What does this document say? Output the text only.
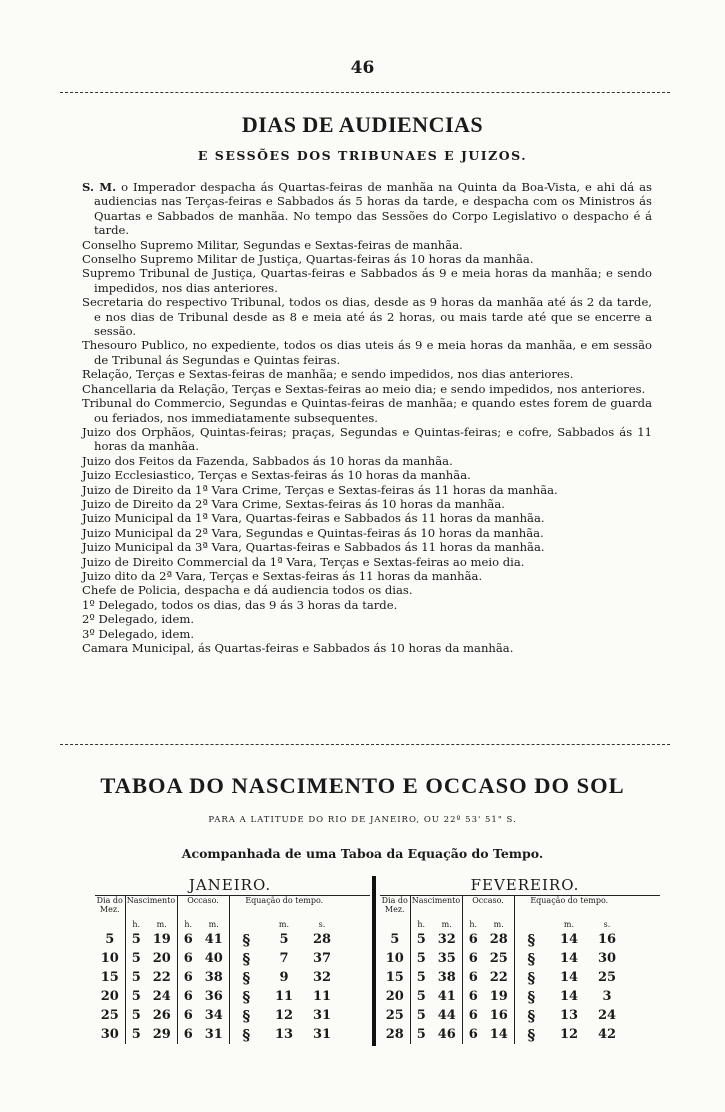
46
DIAS DE AUDIENCIAS
E SESSÕES DOS TRIBUNAES E JUIZOS.
S. M. o Imperador despacha ás Quartas-feiras de manhãa na Quinta da Boa-Vista, e ahi dá as audiencias nas Terças-feiras e Sabbados ás 5 horas da tarde, e despacha com os Ministros ás Quartas e Sabbados de manhãa. No tempo das Sessões do Corpo Legislativo o despacho é á tarde.
Conselho Supremo Militar, Segundas e Sextas-feiras de manhãa.
Conselho Supremo Militar de Justiça, Quartas-feiras ás 10 horas da manhãa.
Supremo Tribunal de Justiça, Quartas-feiras e Sabbados ás 9 e meia horas da manhãa; e sendo impedidos, nos dias anteriores.
Secretaria do respectivo Tribunal, todos os dias, desde as 9 horas da manhãa até ás 2 da tarde, e nos dias de Tribunal desde as 8 e meia até ás 2 horas, ou mais tarde até que se encerre a sessão.
Thesouro Publico, no expediente, todos os dias uteis ás 9 e meia horas da manhãa, e em sessão de Tribunal ás Segundas e Quintas feiras.
Relação, Terças e Sextas-feiras de manhãa; e sendo impedidos, nos dias anteriores.
Chancellaria da Relação, Terças e Sextas-feiras ao meio dia; e sendo impedidos, nos anteriores.
Tribunal do Commercio, Segundas e Quintas-feiras de manhãa; e quando estes forem de guarda ou feriados, nos immediatamente subsequentes.
Juizo dos Orphãos, Quintas-feiras; praças, Segundas e Quintas-feiras; e cofre, Sabbados ás 11 horas da manhãa.
Juizo dos Feitos da Fazenda, Sabbados ás 10 horas da manhãa.
Juizo Ecclesiastico, Terças e Sextas-feiras ás 10 horas da manhãa.
Juizo de Direito da 1ª Vara Crime, Terças e Sextas-feiras ás 11 horas da manhãa.
Juizo de Direito da 2ª Vara Crime, Sextas-feiras ás 10 horas da manhãa.
Juizo Municipal da 1ª Vara, Quartas-feiras e Sabbados ás 11 horas da manhãa.
Juizo Municipal da 2ª Vara, Segundas e Quintas-feiras ás 10 horas da manhãa.
Juizo Municipal da 3ª Vara, Quartas-feiras e Sabbados ás 11 horas da manhãa.
Juizo de Direito Commercial da 1ª Vara, Terças e Sextas-feiras ao meio dia.
Juizo dito da 2ª Vara, Terças e Sextas-feiras ás 11 horas da manhãa.
Chefe de Policia, despacha e dá audiencia todos os dias.
1º Delegado, todos os dias, das 9 ás 3 horas da tarde.
2º Delegado, idem.
3º Delegado, idem.
Camara Municipal, ás Quartas-feiras e Sabbados ás 10 horas da manhãa.
TABOA DO NASCIMENTO E OCCASO DO SOL
PARA A LATITUDE DO RIO DE JANEIRO, OU 22º 53' 51" S.
Acompanhada de uma Taboa da Equação do Tempo.
JANEIRO.	FEVEREIRO.
Dia do Mez.	Nascimento		Occaso.		Equação do tempo.		
	h.	m.	h.	m.		m.	s.
5	5	19	6	41	§	5	28
10	5	20	6	40	§	7	37
15	5	22	6	38	§	9	32
20	5	24	6	36	§	11	11
25	5	26	6	34	§	12	31
30	5	29	6	31	§	13	31
Dia do Mez.	Nascimento		Occaso.		Equação do tempo.		
	h.	m.	h.	m.		m.	s.
5	5	32	6	28	§	14	16
10	5	35	6	25	§	14	30
15	5	38	6	22	§	14	25
20	5	41	6	19	§	14	3
25	5	44	6	16	§	13	24
28	5	46	6	14	§	12	42
